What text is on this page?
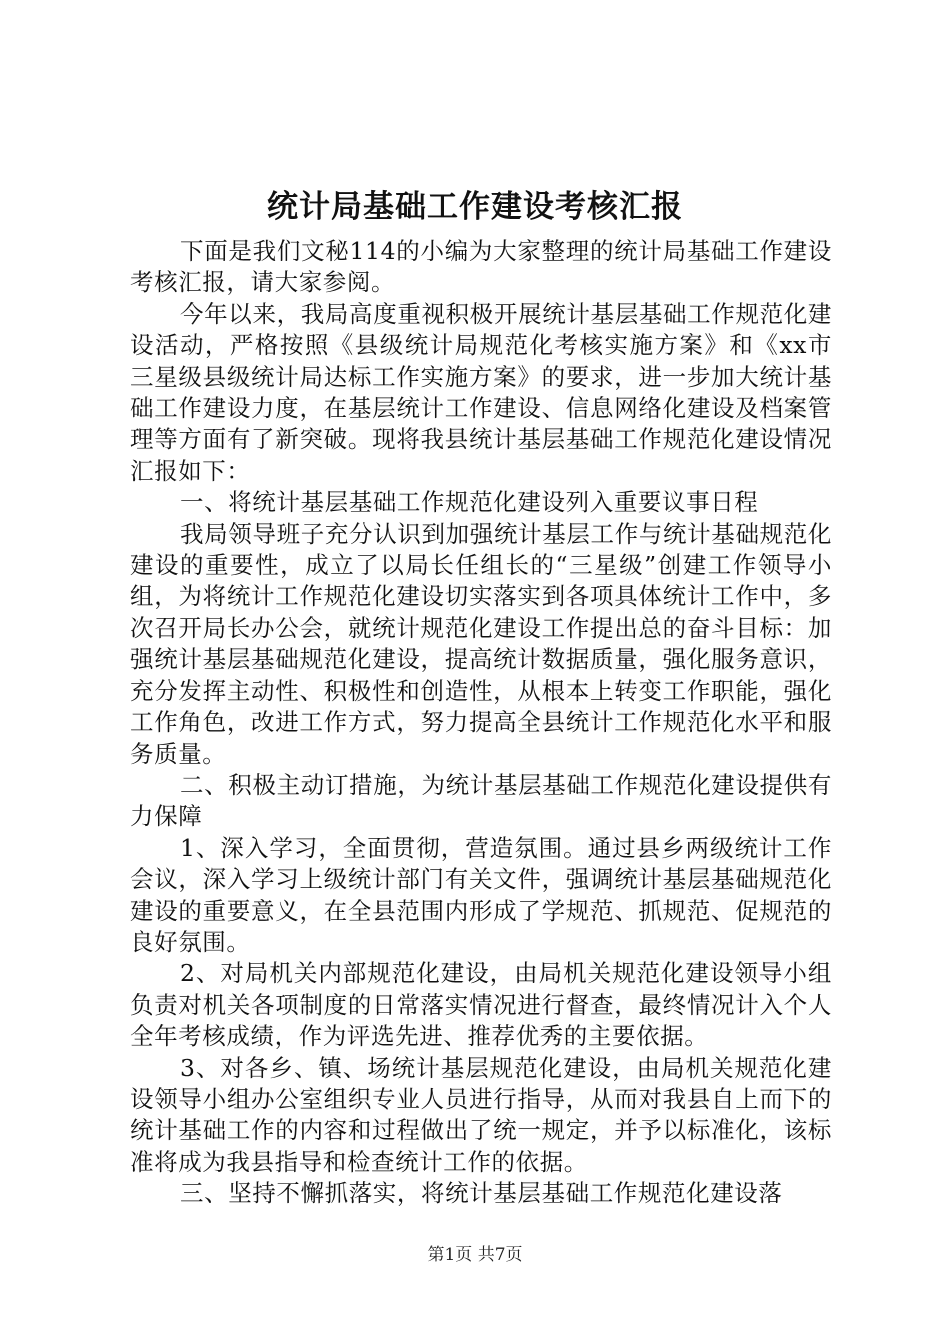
统计局基础工作建设考核汇报

下面是我们文秘114的小编为大家整理的统计局基础工作建设考核汇报，请大家参阅。

今年以来，我局高度重视积极开展统计基层基础工作规范化建设活动，严格按照《县级统计局规范化考核实施方案》和《xx市三星级县级统计局达标工作实施方案》的要求，进一步加大统计基础工作建设力度，在基层统计工作建设、信息网络化建设及档案管理等方面有了新突破。现将我县统计基层基础工作规范化建设情况汇报如下：

一、将统计基层基础工作规范化建设列入重要议事日程

我局领导班子充分认识到加强统计基层工作与统计基础规范化建设的重要性，成立了以局长任组长的“三星级”创建工作领导小组，为将统计工作规范化建设切实落实到各项具体统计工作中，多次召开局长办公会，就统计规范化建设工作提出总的奋斗目标：加强统计基层基础规范化建设，提高统计数据质量，强化服务意识，充分发挥主动性、积极性和创造性，从根本上转变工作职能，强化工作角色，改进工作方式，努力提高全县统计工作规范化水平和服务质量。

二、积极主动订措施，为统计基层基础工作规范化建设提供有力保障

1、深入学习，全面贯彻，营造氛围。通过县乡两级统计工作会议，深入学习上级统计部门有关文件，强调统计基层基础规范化建设的重要意义，在全县范围内形成了学规范、抓规范、促规范的良好氛围。

2、对局机关内部规范化建设，由局机关规范化建设领导小组负责对机关各项制度的日常落实情况进行督查，最终情况计入个人全年考核成绩，作为评选先进、推荐优秀的主要依据。

3、对各乡、镇、场统计基层规范化建设，由局机关规范化建设领导小组办公室组织专业人员进行指导，从而对我县自上而下的统计基础工作的内容和过程做出了统一规定，并予以标准化，该标准将成为我县指导和检查统计工作的依据。

三、坚持不懈抓落实，将统计基层基础工作规范化建设落

第1页 共7页
